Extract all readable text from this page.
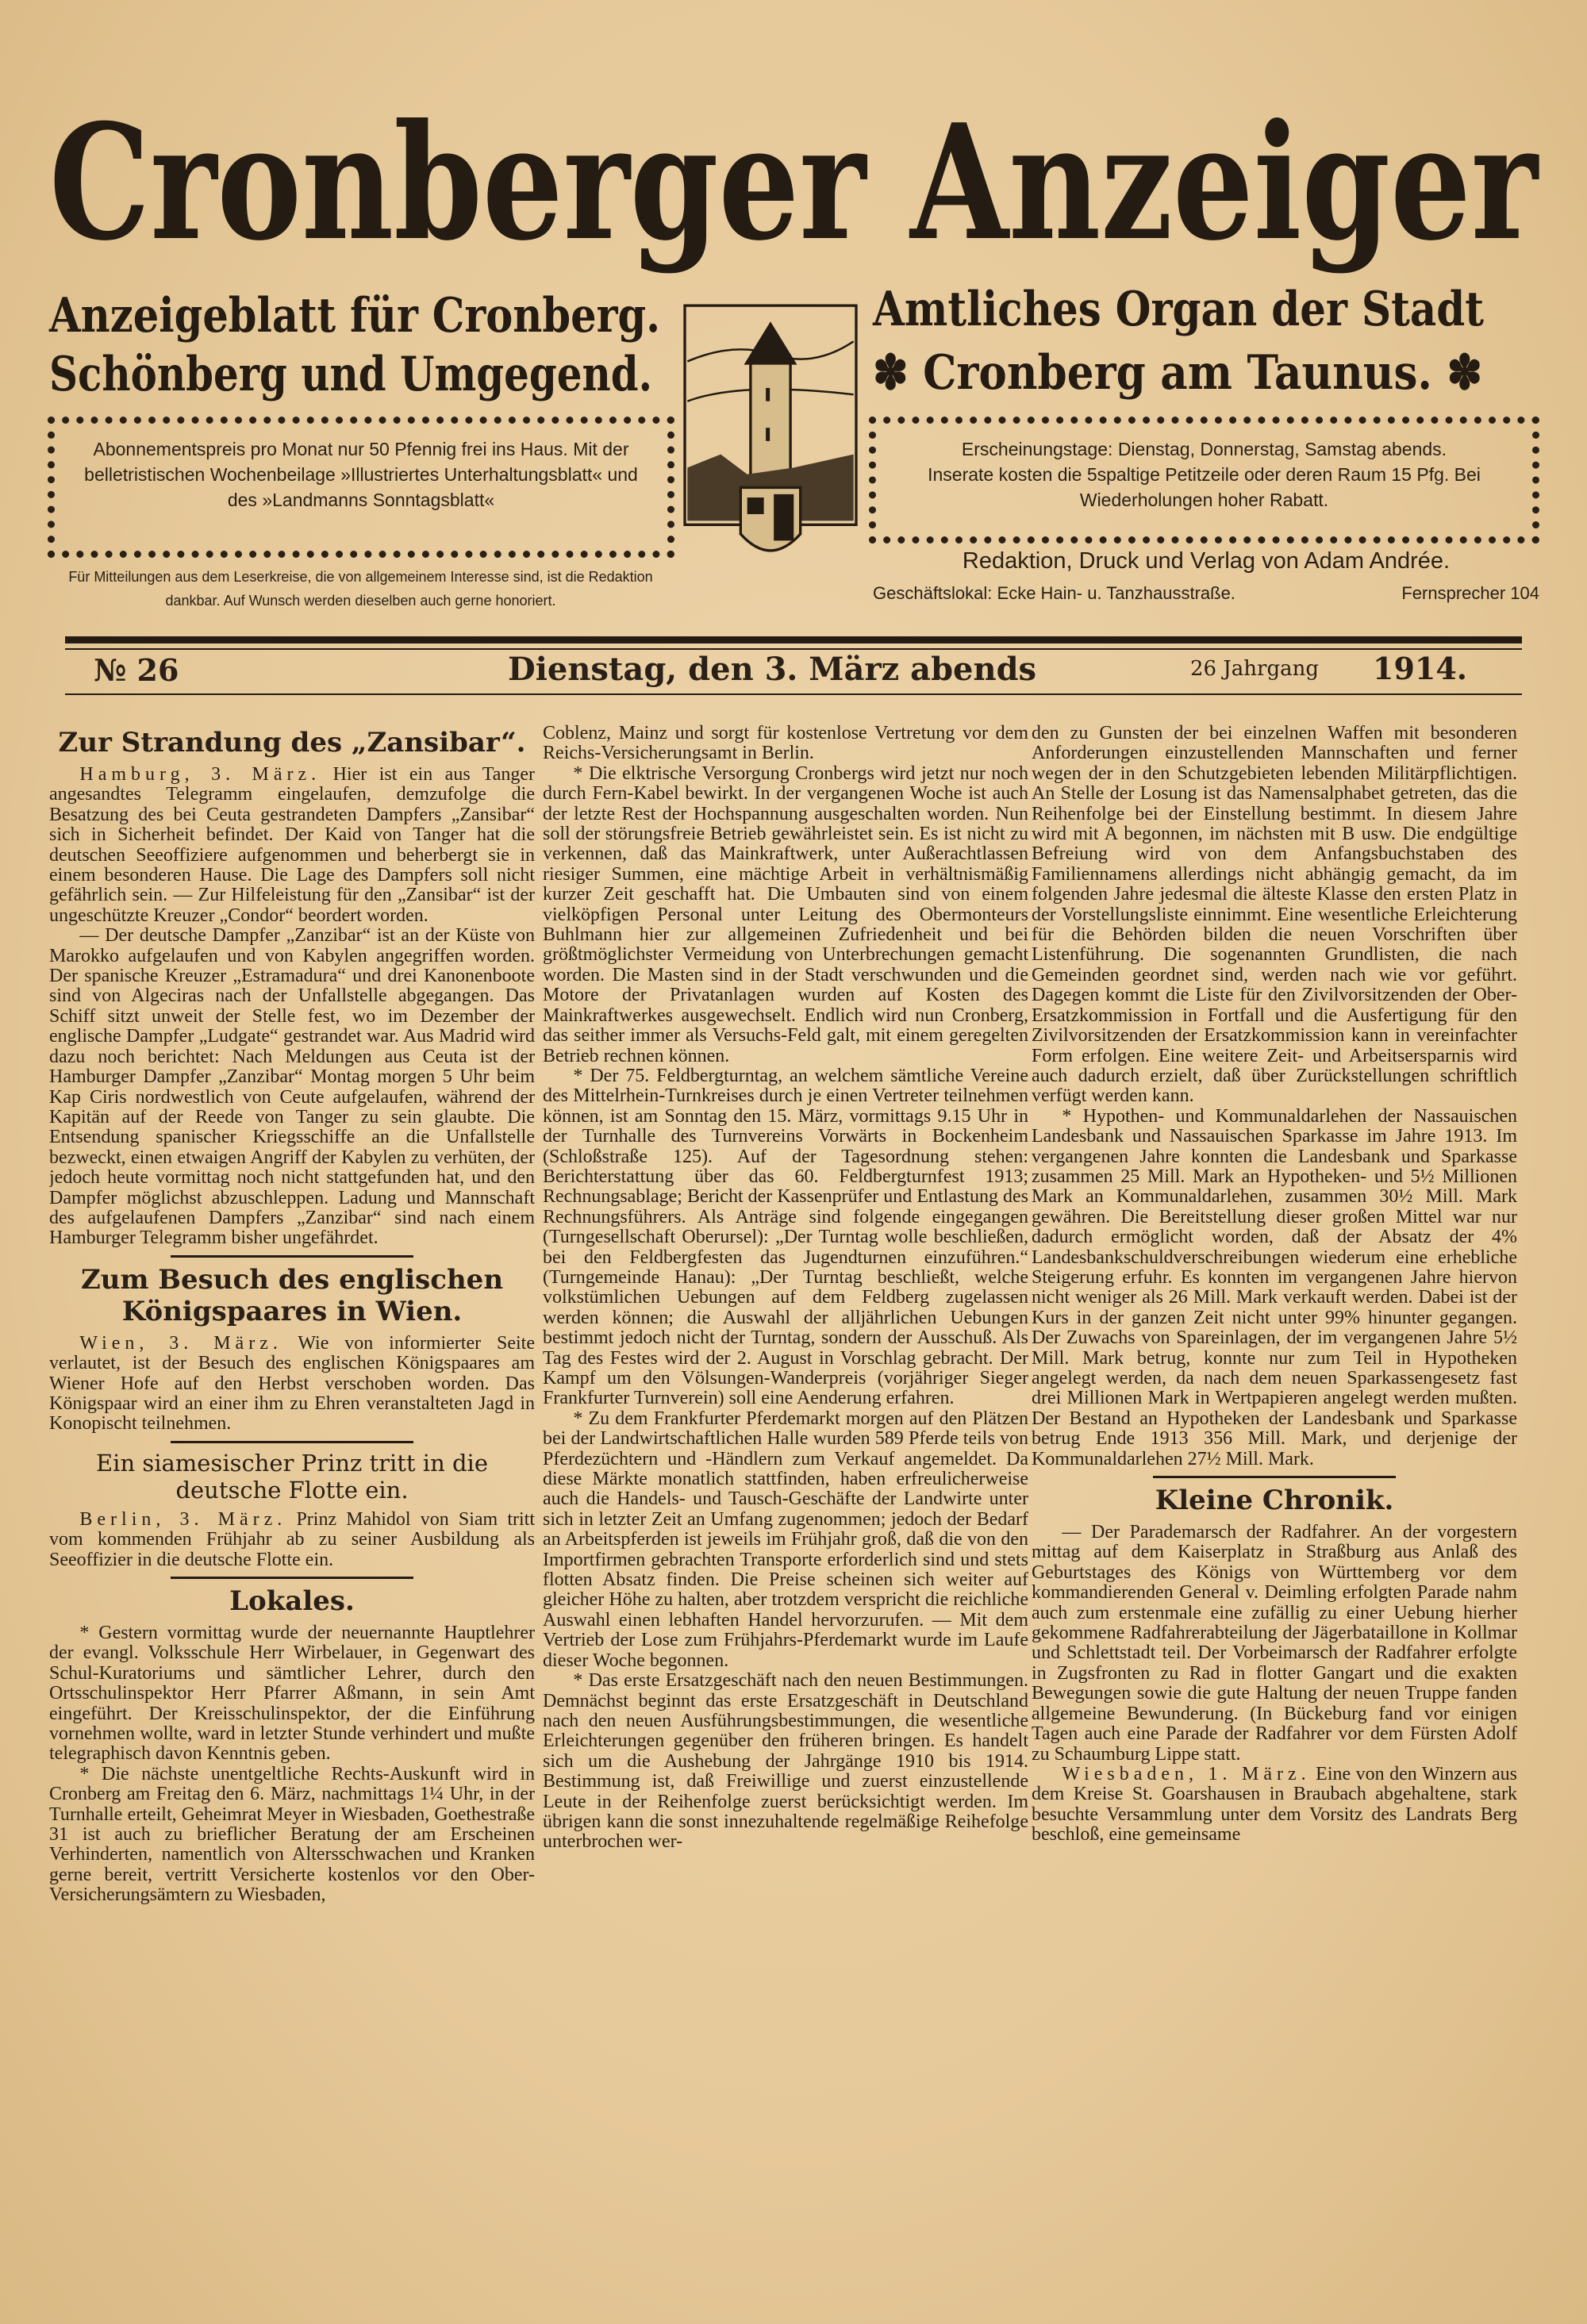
Cronberger Anzeiger
Anzeigeblatt für Cronberg.
Schönberg und Umgegend.
Amtliches Organ der Stadt
✽ Cronberg am Taunus. ✽
Abonnementspreis pro Monat nur 50 Pfennig frei ins Haus. Mit der belletristischen Wochenbeilage »Illustriertes Unterhaltungsblatt« und des »Landmanns Sonntagsblatt«
Erscheinungstage: Dienstag, Donnerstag, Samstag abends.
Inserate kosten die 5spaltige Petitzeile oder deren Raum 15 Pfg. Bei Wiederholungen hoher Rabatt.
Für Mitteilungen aus dem Leserkreise, die von allgemeinem Interesse sind, ist die Redaktion dankbar. Auf Wunsch werden dieselben auch gerne honoriert.
Redaktion, Druck und Verlag von Adam Andrée.
Geschäftslokal: Ecke Hain- u. Tanzhausstraße.	Fernsprecher 104
№ 26	Dienstag, den 3. März abends	26 Jahrgang 1914.
Zur Strandung des „Zansibar“.

Hamburg, 3. März. Hier ist ein aus Tanger angesandtes Telegramm eingelaufen, demzufolge die Besatzung des bei Ceuta gestrandeten Dampfers „Zansibar“ sich in Sicherheit befindet. Der Kaid von Tanger hat die deutschen Seeoffiziere aufgenommen und beherbergt sie in einem besonderen Hause. Die Lage des Dampfers soll nicht gefährlich sein. — Zur Hilfeleistung für den „Zansibar“ ist der ungeschützte Kreuzer „Condor“ beordert worden.

— Der deutsche Dampfer „Zanzibar“ ist an der Küste von Marokko aufgelaufen und von Kabylen angegriffen worden. Der spanische Kreuzer „Estramadura“ und drei Kanonenboote sind von Algeciras nach der Unfallstelle abgegangen. Das Schiff sitzt unweit der Stelle fest, wo im Dezember der englische Dampfer „Ludgate“ gestrandet war. Aus Madrid wird dazu noch berichtet: Nach Meldungen aus Ceuta ist der Hamburger Dampfer „Zanzibar“ Montag morgen 5 Uhr beim Kap Ciris nordwestlich von Ceute aufgelaufen, während der Kapitän auf der Reede von Tanger zu sein glaubte. Die Entsendung spanischer Kriegsschiffe an die Unfallstelle bezweckt, einen etwaigen Angriff der Kabylen zu verhüten, der jedoch heute vormittag noch nicht stattgefunden hat, und den Dampfer möglichst abzuschleppen. Ladung und Mannschaft des aufgelaufenen Dampfers „Zanzibar“ sind nach einem Hamburger Telegramm bisher ungefährdet.

Zum Besuch des englischen Königspaares in Wien.

Wien, 3. März. Wie von informierter Seite verlautet, ist der Besuch des englischen Königspaares am Wiener Hofe auf den Herbst verschoben worden. Das Königspaar wird an einer ihm zu Ehren veranstalteten Jagd in Konopischt teilnehmen.

Ein siamesischer Prinz tritt in die deutsche Flotte ein.

Berlin, 3. März. Prinz Mahidol von Siam tritt vom kommenden Frühjahr ab zu seiner Ausbildung als Seeoffizier in die deutsche Flotte ein.

Lokales.

* Gestern vormittag wurde der neuernannte Hauptlehrer der evangl. Volksschule Herr Wirbelauer, in Gegenwart des Schul-Kuratoriums und sämtlicher Lehrer, durch den Ortsschulinspektor Herr Pfarrer Aßmann, in sein Amt eingeführt. Der Kreisschulinspektor, der die Einführung vornehmen wollte, ward in letzter Stunde verhindert und mußte telegraphisch davon Kenntnis geben.

* Die nächste unentgeltliche Rechts-Auskunft wird in Cronberg am Freitag den 6. März, nachmittags 1¼ Uhr, in der Turnhalle erteilt, Geheimrat Meyer in Wiesbaden, Goethestraße 31 ist auch zu brieflicher Beratung der am Erscheinen Verhinderten, namentlich von Altersschwachen und Kranken gerne bereit, vertritt Versicherte kostenlos vor den Ober-Versicherungsämtern zu Wiesbaden,

Coblenz, Mainz und sorgt für kostenlose Vertretung vor dem Reichs-Versicherungsamt in Berlin.

* Die elktrische Versorgung Cronbergs wird jetzt nur noch durch Fern-Kabel bewirkt. In der vergangenen Woche ist auch der letzte Rest der Hochspannung ausgeschalten worden. Nun soll der störungsfreie Betrieb gewährleistet sein. Es ist nicht zu verkennen, daß das Mainkraftwerk, unter Außerachtlassen riesiger Summen, eine mächtige Arbeit in verhältnismäßig kurzer Zeit geschafft hat. Die Umbauten sind von einem vielköpfigen Personal unter Leitung des Obermonteurs Buhlmann hier zur allgemeinen Zufriedenheit und bei größtmöglichster Vermeidung von Unterbrechungen gemacht worden. Die Masten sind in der Stadt verschwunden und die Motore der Privatanlagen wurden auf Kosten des Mainkraftwerkes ausgewechselt. Endlich wird nun Cronberg, das seither immer als Versuchs-Feld galt, mit einem geregelten Betrieb rechnen können.

* Der 75. Feldbergturntag, an welchem sämtliche Vereine des Mittelrhein-Turnkreises durch je einen Vertreter teilnehmen können, ist am Sonntag den 15. März, vormittags 9.15 Uhr in der Turnhalle des Turnvereins Vorwärts in Bockenheim (Schloßstraße 125). Auf der Tagesordnung stehen: Berichterstattung über das 60. Feldbergturnfest 1913; Rechnungsablage; Bericht der Kassenprüfer und Entlastung des Rechnungsführers. Als Anträge sind folgende eingegangen (Turngesellschaft Oberursel): „Der Turntag wolle beschließen, bei den Feldbergfesten das Jugendturnen einzuführen.“ (Turngemeinde Hanau): „Der Turntag beschließt, welche volkstümlichen Uebungen auf dem Feldberg zugelassen werden können; die Auswahl der alljährlichen Uebungen bestimmt jedoch nicht der Turntag, sondern der Ausschuß. Als Tag des Festes wird der 2. August in Vorschlag gebracht. Der Kampf um den Völsungen-Wanderpreis (vorjähriger Sieger Frankfurter Turnverein) soll eine Aenderung erfahren.

* Zu dem Frankfurter Pferdemarkt morgen auf den Plätzen bei der Landwirtschaftlichen Halle wurden 589 Pferde teils von Pferdezüchtern und -Händlern zum Verkauf angemeldet. Da diese Märkte monatlich stattfinden, haben erfreulicherweise auch die Handels- und Tausch-Geschäfte der Landwirte unter sich in letzter Zeit an Umfang zugenommen; jedoch der Bedarf an Arbeitspferden ist jeweils im Frühjahr groß, daß die von den Importfirmen gebrachten Transporte erforderlich sind und stets flotten Absatz finden. Die Preise scheinen sich weiter auf gleicher Höhe zu halten, aber trotzdem verspricht die reichliche Auswahl einen lebhaften Handel hervorzurufen. — Mit dem Vertrieb der Lose zum Frühjahrs-Pferdemarkt wurde im Laufe dieser Woche begonnen.

* Das erste Ersatzgeschäft nach den neuen Bestimmungen. Demnächst beginnt das erste Ersatzgeschäft in Deutschland nach den neuen Ausführungsbestimmungen, die wesentliche Erleichterungen gegenüber den früheren bringen. Es handelt sich um die Aushebung der Jahrgänge 1910 bis 1914. Bestimmung ist, daß Freiwillige und zuerst einzustellende Leute in der Reihenfolge zuerst berücksichtigt werden. Im übrigen kann die sonst innezuhaltende regelmäßige Reihefolge unterbrochen wer-

den zu Gunsten der bei einzelnen Waffen mit besonderen Anforderungen einzustellenden Mannschaften und ferner wegen der in den Schutzgebieten lebenden Militärpflichtigen. An Stelle der Losung ist das Namensalphabet getreten, das die Reihenfolge bei der Einstellung bestimmt. In diesem Jahre wird mit A begonnen, im nächsten mit B usw. Die endgültige Befreiung wird von dem Anfangsbuchstaben des Familiennamens allerdings nicht abhängig gemacht, da im folgenden Jahre jedesmal die älteste Klasse den ersten Platz in der Vorstellungsliste einnimmt. Eine wesentliche Erleichterung für die Behörden bilden die neuen Vorschriften über Listenführung. Die sogenannten Grundlisten, die nach Gemeinden geordnet sind, werden nach wie vor geführt. Dagegen kommt die Liste für den Zivilvorsitzenden der Ober-Ersatzkommission in Fortfall und die Ausfertigung für den Zivilvorsitzenden der Ersatzkommission kann in vereinfachter Form erfolgen. Eine weitere Zeit- und Arbeitsersparnis wird auch dadurch erzielt, daß über Zurückstellungen schriftlich verfügt werden kann.

* Hypothen- und Kommunaldarlehen der Nassauischen Landesbank und Nassauischen Sparkasse im Jahre 1913. Im vergangenen Jahre konnten die Landesbank und Sparkasse zusammen 25 Mill. Mark an Hypotheken- und 5½ Millionen Mark an Kommunaldarlehen, zusammen 30½ Mill. Mark gewähren. Die Bereitstellung dieser großen Mittel war nur dadurch ermöglicht worden, daß der Absatz der 4% Landesbankschuldverschreibungen wiederum eine erhebliche Steigerung erfuhr. Es konnten im vergangenen Jahre hiervon nicht weniger als 26 Mill. Mark verkauft werden. Dabei ist der Kurs in der ganzen Zeit nicht unter 99% hinunter gegangen. Der Zuwachs von Spareinlagen, der im vergangenen Jahre 5½ Mill. Mark betrug, konnte nur zum Teil in Hypotheken angelegt werden, da nach dem neuen Sparkassengesetz fast drei Millionen Mark in Wertpapieren angelegt werden mußten. Der Bestand an Hypotheken der Landesbank und Sparkasse betrug Ende 1913 356 Mill. Mark, und derjenige der Kommunaldarlehen 27½ Mill. Mark.

Kleine Chronik.

— Der Parademarsch der Radfahrer. An der vorgestern mittag auf dem Kaiserplatz in Straßburg aus Anlaß des Geburtstages des Königs von Württemberg vor dem kommandierenden General v. Deimling erfolgten Parade nahm auch zum erstenmale eine zufällig zu einer Uebung hierher gekommene Radfahrerabteilung der Jägerbataillone in Kollmar und Schlettstadt teil. Der Vorbeimarsch der Radfahrer erfolgte in Zugsfronten zu Rad in flotter Gangart und die exakten Bewegungen sowie die gute Haltung der neuen Truppe fanden allgemeine Bewunderung. (In Bückeburg fand vor einigen Tagen auch eine Parade der Radfahrer vor dem Fürsten Adolf zu Schaumburg Lippe statt.

Wiesbaden, 1. März. Eine von den Winzern aus dem Kreise St. Goarshausen in Braubach abgehaltene, stark besuchte Versammlung unter dem Vorsitz des Landrats Berg beschloß, eine gemeinsame
